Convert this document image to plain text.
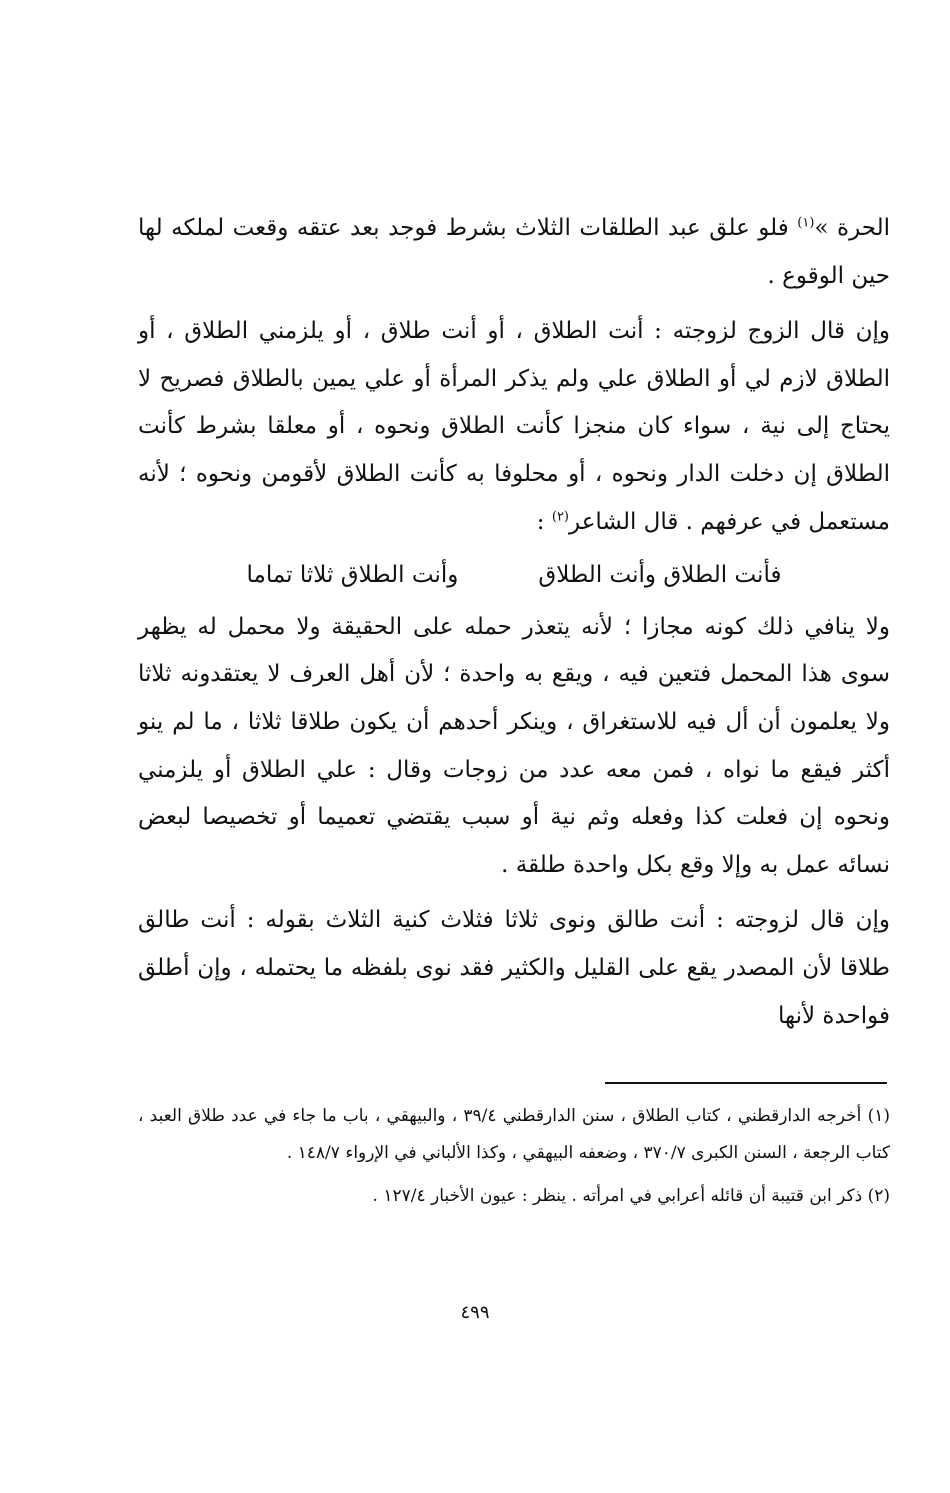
الحرة »$^{(١)}$ فلو علق عبد الطلقات الثلاث بشرط فوجد بعد عتقه وقعت لملكه لها حين الوقوع .

وإن قال الزوج لزوجته : أنت الطلاق ، أو أنت طلاق ، أو يلزمني الطلاق ، أو الطلاق لازم لي أو الطلاق علي ولم يذكر المرأة أو علي يمين بالطلاق فصريح لا يحتاج إلى نية ، سواء كان منجزا كأنت الطلاق ونحوه ، أو معلقا بشرط كأنت الطلاق إن دخلت الدار ونحوه ، أو محلوفا به كأنت الطلاق لأقومن ونحوه ؛ لأنه مستعمل في عرفهم . قال الشاعر$^{(٢)}$ :

فأنت الطلاق وأنت الطلاق
وأنت الطلاق ثلاثا تماما

ولا ينافي ذلك كونه مجازا ؛ لأنه يتعذر حمله على الحقيقة ولا محمل له يظهر سوى هذا المحمل فتعين فيه ، ويقع به واحدة ؛ لأن أهل العرف لا يعتقدونه ثلاثا ولا يعلمون أن أل فيه للاستغراق ، وينكر أحدهم أن يكون طلاقا ثلاثا ، ما لم ينو أكثر فيقع ما نواه ، فمن معه عدد من زوجات وقال : علي الطلاق أو يلزمني ونحوه إن فعلت كذا وفعله وثم نية أو سبب يقتضي تعميما أو تخصيصا لبعض نسائه عمل به وإلا وقع بكل واحدة طلقة .

وإن قال لزوجته : أنت طالق ونوى ثلاثا فثلاث كنية الثلاث بقوله : أنت طالق طلاقا لأن المصدر يقع على القليل والكثير فقد نوى بلفظه ما يحتمله ، وإن أطلق فواحدة لأنها

(١) أخرجه الدارقطني ، كتاب الطلاق ، سنن الدارقطني ٣٩/٤ ، والبيهقي ، باب ما جاء في عدد طلاق العبد ، كتاب الرجعة ، السنن الكبرى ٣٧٠/٧ ، وضعفه البيهقي ، وكذا الألباني في الإرواء ١٤٨/٧ .

(٢) ذكر ابن قتيبة أن قائله أعرابي في امرأته . ينظر : عيون الأخبار ١٢٧/٤ .

٤٩٩
